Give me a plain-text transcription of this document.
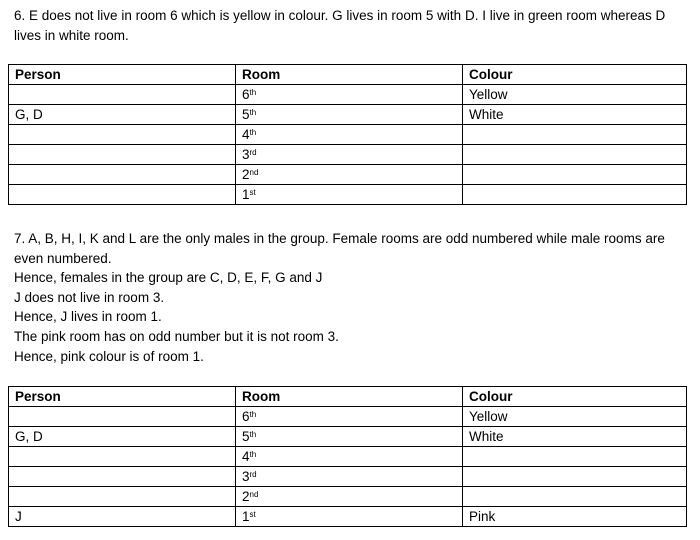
6. E does not live in room 6 which is yellow in colour. G lives in room 5 with D. I live in green room whereas D lives in white room.

Person	Room	Colour
	6th	Yellow
G, D	5th	White
	4th	
	3rd	
	2nd	
	1st	

7. A, B, H, I, K and L are the only males in the group. Female rooms are odd numbered while male rooms are even numbered.

Hence, females in the group are C, D, E, F, G and J

J does not live in room 3.

Hence, J lives in room 1.

The pink room has on odd number but it is not room 3.

Hence, pink colour is of room 1.

Person	Room	Colour
	6th	Yellow
G, D	5th	White
	4th	
	3rd	
	2nd	
J	1st	Pink
